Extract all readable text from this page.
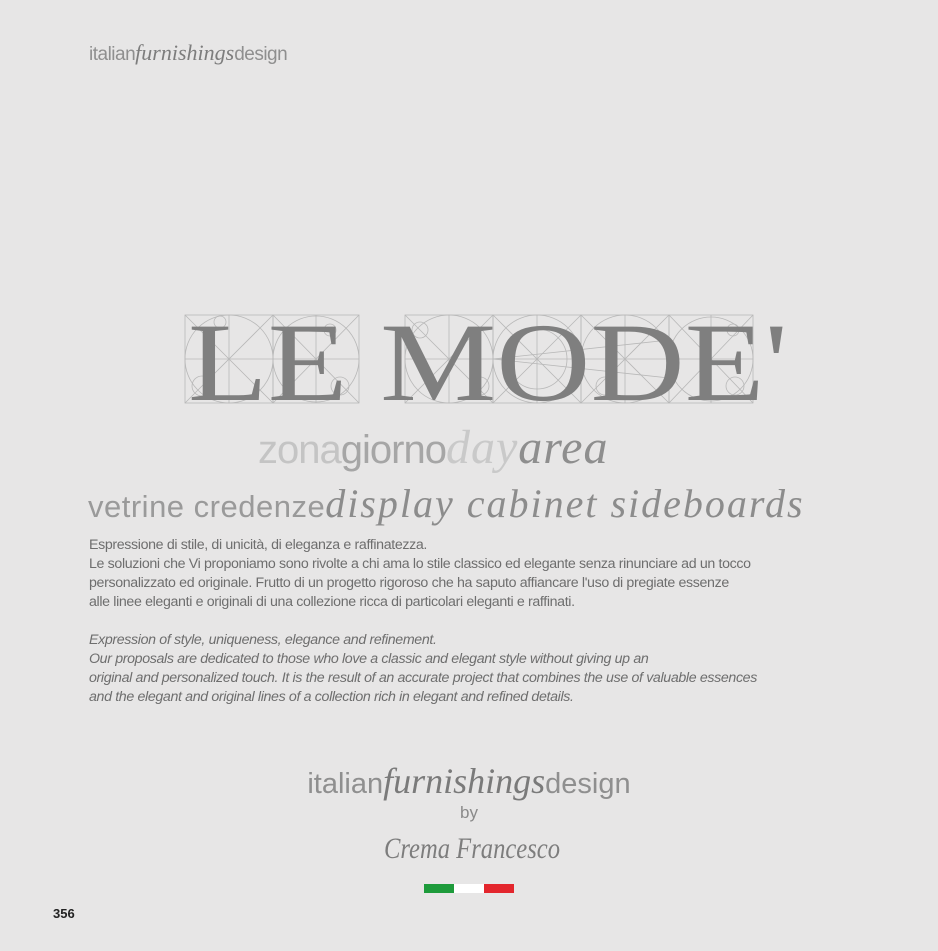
italianfurnishingsdesign
LE MODE'
zonagiornodayarea
vetrine credenzedisplay cabinet sideboards

Espressione di stile, di unicità, di eleganza e raffinatezza.

Le soluzioni che Vi proponiamo sono rivolte a chi ama lo stile classico ed elegante senza rinunciare ad un tocco

personalizzato ed originale. Frutto di un progetto rigoroso che ha saputo affiancare l'uso di pregiate essenze

alle linee eleganti e originali di una collezione ricca di particolari eleganti e raffinati.

Expression of style, uniqueness, elegance and refinement.

Our proposals are dedicated to those who love a classic and elegant style without giving up an

original and personalized touch. It is the result of an accurate project that combines the use of valuable essences

and the elegant and original lines of a collection rich in elegant and refined details.

italianfurnishingsdesign
by
Crema Francesco
356
